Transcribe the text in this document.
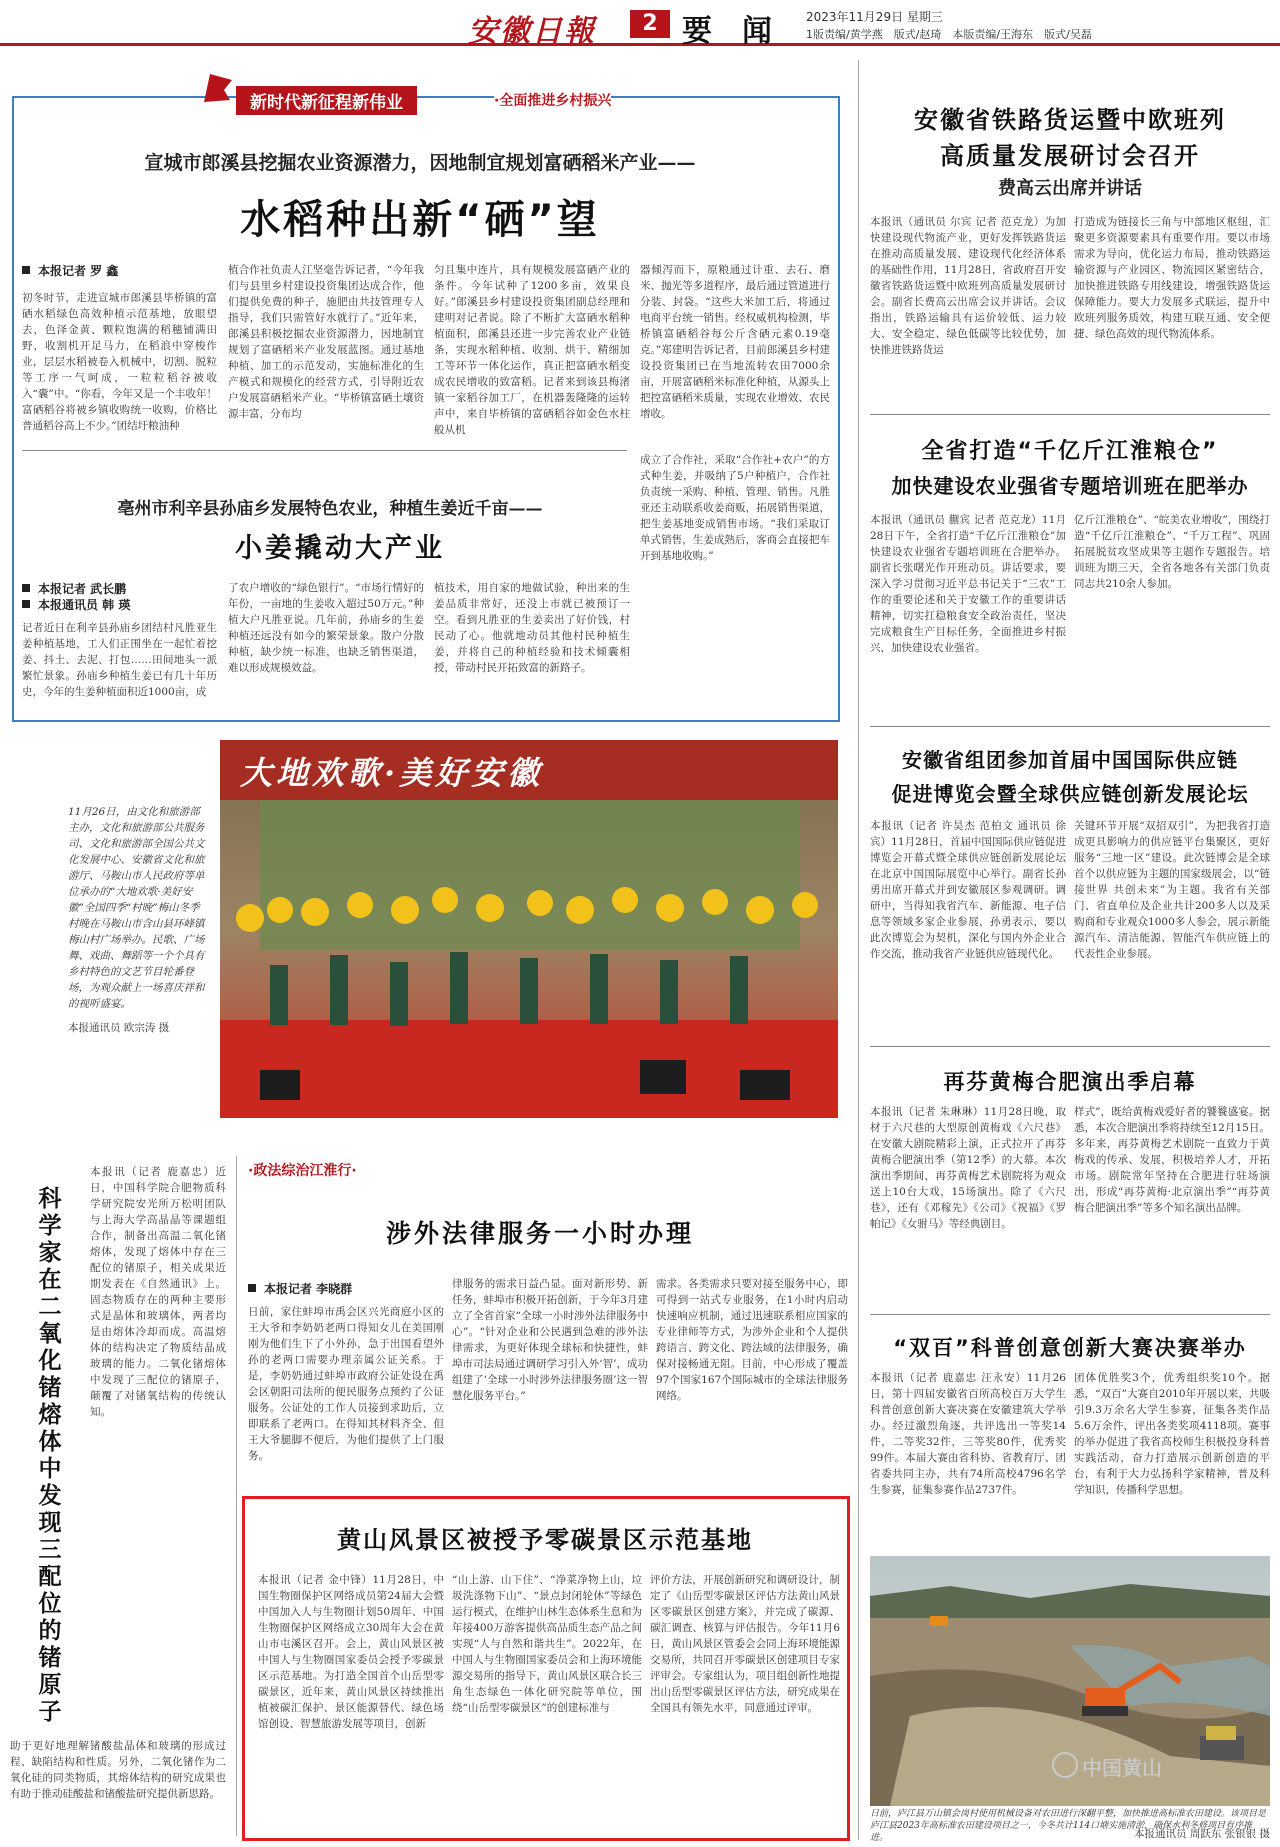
安徽日報	2 要闻 2023年11月29日 星期三
1版责编/黄学燕　版式/赵琦　本版责编/王海东　版式/吴磊
新时代新征程新伟业	·全面推进乡村振兴
宣城市郎溪县挖掘农业资源潜力，因地制宜规划富硒稻米产业——
水稻种出新“硒”望
本报记者 罗 鑫
初冬时节，走进宣城市郎溪县毕桥镇的富硒水稻绿色高效种植示范基地，放眼望去，色泽金黄、颗粒饱满的稻穗铺满田野，收割机开足马力，在稻浪中穿梭作业，层层水稻被卷入机械中，切割、脱粒等工序一气呵成，一粒粒稻谷被收入“囊”中。“你看，今年又是一个丰收年！富硒稻谷将被乡镇收购统一收购，价格比普通稻谷高上不少。”团结圩粮油种
植合作社负责人江坚毫告诉记者，“今年我们与县里乡村建设投资集团达成合作，他们提供免费的种子，施肥由共技管理专人指导，我们只需管好水就行了。”近年来，郎溪县积极挖掘农业资源潜力，因地制宜规划了富硒稻米产业发展蓝图。通过基地种植、加工的示范发动，实施标准化的生产模式和规模化的经营方式，引导附近农户发展富硒稻米产业。“毕桥镇富硒土壤资源丰富，分布均
匀且集中连片，具有规模发展富硒产业的条件。今年试种了1200多亩，效果良好。”郎溪县乡村建设投资集团副总经理和建明对记者说。除了不断扩大富硒水稻种植面积，郎溪县还进一步完善农业产业链条，实现水稻种植、收割、烘干、精细加工等环节一体化运作，真正把富硒水稻变成农民增收的致富稻。记者来到该县梅渚镇一家稻谷加工厂，在机器轰隆隆的运转声中，来自毕桥镇的富硒稻谷如金色水柱般从机
器倾泻而下，原粮通过计重、去石、磨米、抛光等多道程序，最后通过管道进行分装、封袋。“这些大米加工后，将通过电商平台统一销售。经权威机构检测，毕桥镇富硒稻谷每公斤含硒元素0.19毫克。”郑建明告诉记者，目前郎溪县乡村建设投资集团已在当地流转农田7000余亩，开展富硒稻米标准化种植，从源头上把控富硒稻米质量，实现农业增效、农民增收。
成立了合作社，采取“合作社+农户”的方式种生姜，并吸纳了5户种植户，合作社负责统一采购、种植、管理、销售。凡胜亚还主动联系收姜商贩，拓展销售渠道，把生姜基地变成销售市场。“我们采取订单式销售，生姜成熟后，客商会直接把车开到基地收购。”
亳州市利辛县孙庙乡发展特色农业，种植生姜近千亩——
小姜撬动大产业
本报记者 武长鹏
本报通讯员 韩 瑛
记者近日在利辛县孙庙乡团结村凡胜亚生姜种植基地，工人们正围坐在一起忙着挖姜、抖土、去泥、打包……田间地头一派繁忙景象。孙庙乡种植生姜已有几十年历史，今年的生姜种植面积近1000亩，成
了农户增收的“绿色银行”。“市场行情好的年份，一亩地的生姜收入超过50万元。”种植大户凡胜亚说。几年前，孙庙乡的生姜种植还远没有如今的繁荣景象。散户分散种植，缺少统一标准，也缺乏销售渠道，难以形成规模效益。
植技术，用自家的地做试验，种出来的生姜品质非常好，还没上市就已被预订一空。看到凡胜亚的生姜卖出了好价钱，村民动了心。他就地动员其他村民种植生姜，并将自己的种植经验和技术倾囊相授，带动村民开拓致富的新路子。
安徽省铁路货运暨中欧班列
高质量发展研讨会召开
费高云出席并讲话
本报讯（通讯员 尔宾 记者 范克龙）为加快建设现代物流产业，更好发挥铁路货运在推动高质量发展、建设现代化经济体系的基础性作用，11月28日，省政府召开安徽省铁路货运暨中欧班列高质量发展研讨会。副省长费高云出席会议并讲话。会议指出，铁路运输具有运价较低、运力较大、安全稳定、绿色低碳等比较优势，加快推进铁路货运
打造成为链接长三角与中部地区枢纽，汇聚更多资源要素具有重要作用。要以市场需求为导向，优化运力布局，推动铁路运输资源与产业园区、物流园区紧密结合，加快推进铁路专用线建设，增强铁路货运保障能力。要大力发展多式联运，提升中欧班列服务质效，构建互联互通、安全便捷、绿色高效的现代物流体系。
全省打造“千亿斤江淮粮仓”
加快建设农业强省专题培训班在肥举办
本报讯（通讯员 蒯宾 记者 范克龙）11月28日下午，全省打造“千亿斤江淮粮仓”加快建设农业强省专题培训班在合肥举办。副省长张曙光作开班动员。讲话要求，要深入学习贯彻习近平总书记关于“三农”工作的重要论述和关于安徽工作的重要讲话精神，切实扛稳粮食安全政治责任，坚决完成粮食生产目标任务，全面推进乡村振兴，加快建设农业强省。
亿斤江淮粮仓”、“皖美农业增收”，围绕打造“千亿斤江淮粮仓”、“千万工程”、巩固拓展脱贫攻坚成果等主题作专题报告。培训班为期三天，全省各地各有关部门负责同志共210余人参加。
安徽省组团参加首届中国国际供应链
促进博览会暨全球供应链创新发展论坛
本报讯（记者 许昊杰 范柏文 通讯员 徐宾）11月28日，首届中国国际供应链促进博览会开幕式暨全球供应链创新发展论坛在北京中国国际展览中心举行。副省长孙勇出席开幕式并到安徽展区参观调研。调研中，当得知我省汽车、新能源、电子信息等领域多家企业参展，孙勇表示，要以此次博览会为契机，深化与国内外企业合作交流，推动我省产业链供应链现代化。
关键环节开展“双招双引”，为把我省打造成更具影响力的供应链平台集聚区，更好服务“三地一区”建设。此次链博会是全球首个以供应链为主题的国家级展会，以“链接世界 共创未来”为主题。我省有关部门、省直单位及企业共计200多人以及采购商和专业观众1000多人参会，展示新能源汽车、清洁能源、智能汽车供应链上的代表性企业参展。
再芬黄梅合肥演出季启幕
本报讯（记者 朱琳琳）11月28日晚，取材于六尺巷的大型原创黄梅戏《六尺巷》在安徽大剧院精彩上演，正式拉开了再芬黄梅合肥演出季（第12季）的大幕。本次演出季期间，再芬黄梅艺术剧院将为观众送上10台大戏，15场演出。除了《六尺巷》，还有《邓稼先》《公司》《祝福》《罗帕记》《女驸马》等经典剧目。
样式”，既给黄梅戏爱好者的饕餮盛宴。据悉，本次合肥演出季将持续至12月15日。多年来，再芬黄梅艺术剧院一直致力于黄梅戏的传承、发展，积极培养人才，开拓市场。剧院常年坚持在合肥进行驻场演出，形成“再芬黄梅·北京演出季”“再芬黄梅合肥演出季”等多个知名演出品牌。
“双百”科普创意创新大赛决赛举办
本报讯（记者 鹿嘉忠 汪永安）11月26日，第十四届安徽省百所高校百万大学生科普创意创新大赛决赛在安徽建筑大学举办。经过激烈角逐，共评选出一等奖14件，二等奖32件，三等奖80件，优秀奖99件。本届大赛由省科协、省教育厅、团省委共同主办，共有74所高校4796名学生参赛，征集参赛作品2737件。
团体优胜奖3个，优秀组织奖10个。据悉，“双百”大赛自2010年开展以来，共吸引9.3万余名大学生参赛，征集各类作品5.6万余件，评出各类奖项4118项。赛事的举办促进了我省高校师生积极投身科普实践活动，奋力打造展示创新创造的平台，有利于大力弘扬科学家精神，普及科学知识，传播科学思想。
日前，庐江县万山镇会岗村使用机械设备对农田进行深翻平整，加快推进高标准农田建设。该项目是庐江县2023年高标准农田建设项目之一，今冬共计114口塘实施清淤，确保水利冬修项目有序推进。	本报通讯员 周跃东 张银银 摄
大地欢歌·美好安徽
11月26日，由文化和旅游部主办，文化和旅游部公共服务司、文化和旅游部全国公共文化发展中心、安徽省文化和旅游厅、马鞍山市人民政府等单位承办的“大地欢歌·美好安徽”全国四季“村晚”梅山冬季村晚在马鞍山市含山县环峰镇梅山村广场举办。民歌、广场舞、戏曲、舞蹈等一个个具有乡村特色的文艺节目轮番登场，为观众献上一场喜庆祥和的视听盛宴。
本报通讯员 欧宗涛 摄
科学家在二氧化锗熔体中发现三配位的锗原子
本报讯（记者 鹿嘉忠）近日，中国科学院合肥物质科学研究院安光所万松明团队与上海大学高晶晶等课题组合作，制备出高温二氧化锗熔体，发现了熔体中存在三配位的锗原子，相关成果近期发表在《自然通讯》上。固态物质存在的两种主要形式是晶体和玻璃体，两者均是由熔体冷却而成。高温熔体的结构决定了物质结晶成玻璃的能力。二氧化锗熔体中发现了三配位的锗原子，颠覆了对锗氧结构的传统认知。
助于更好地理解锗酸盐晶体和玻璃的形成过程、缺陷结构和性质。另外，二氧化锗作为二氧化硅的同类物质，其熔体结构的研究成果也有助于推动硅酸盐和锗酸盐研究提供新思路。
·政法综治江淮行·
涉外法律服务一小时办理
本报记者 李晓群
日前，家住蚌埠市禹会区兴光商庭小区的王大爷和李奶奶老两口得知女儿在美国刚刚为他们生下了小外孙，急于出国看望外孙的老两口需要办理亲属公证关系。于是，李奶奶通过蚌埠市政府公证处设在禹会区朝阳司法所的便民服务点预约了公证服务。公证处的工作人员接到求助后，立即联系了老两口。在得知其材料齐全、但王大爷腿脚不便后，为他们提供了上门服务。
律服务的需求日益凸显。面对新形势、新任务，蚌埠市积极开拓创新，于今年3月建立了全省首家“全球一小时涉外法律服务中心”。“针对企业和公民遇到急难的涉外法律需求，为更好体现全球标和快捷性，蚌埠市司法局通过调研学习引入外‘智’，成功组建了‘全球一小时涉外法律服务圈’这一智慧化服务平台。”
需求。各类需求只要对接至服务中心，即可得到一站式专业服务，在1小时内启动快速响应机制，通过迅速联系相应国家的专业律师等方式，为涉外企业和个人提供跨语言、跨文化、跨法域的法律服务，确保对接畅通无阻。目前，中心形成了覆盖97个国家167个国际城市的全球法律服务网络。
黄山风景区被授予零碳景区示范基地
本报讯（记者 金中锋）11月28日，中国生物圈保护区网络成员第24届大会暨中国加入人与生物圈计划50周年、中国生物圈保护区网络成立30周年大会在黄山市屯溪区召开。会上，黄山风景区被中国人与生物圈国家委员会授予零碳景区示范基地。为打造全国首个山岳型零碳景区，近年来，黄山风景区持续推出植被碳汇保护、景区能源替代、绿色场馆创设、智慧旅游发展等项目，创新
“山上游、山下住”、“净菜净物上山，垃圾洗涤物下山”、“景点封闭轮休”等绿色运行模式，在维护山林生态体系生息和为年接400万游客提供高品质生态产品之间实现“人与自然和谐共生”。2022年，在中国人与生物圈国家委员会和上海环境能源交易所的指导下，黄山风景区联合长三角生态绿色一体化研究院等单位，围绕“山岳型零碳景区”的创建标准与
评价方法，开展创新研究和调研设计，制定了《山岳型零碳景区评估方法黄山风景区零碳景区创建方案》，并完成了碳源、碳汇调查、核算与评估报告。今年11月6日，黄山风景区管委会会同上海环境能源交易所，共同召开零碳景区创建项目专家评审会。专家组认为，项目组创新性地提出山岳型零碳景区评估方法，研究成果在全国具有领先水平，同意通过评审。
中国黄山
